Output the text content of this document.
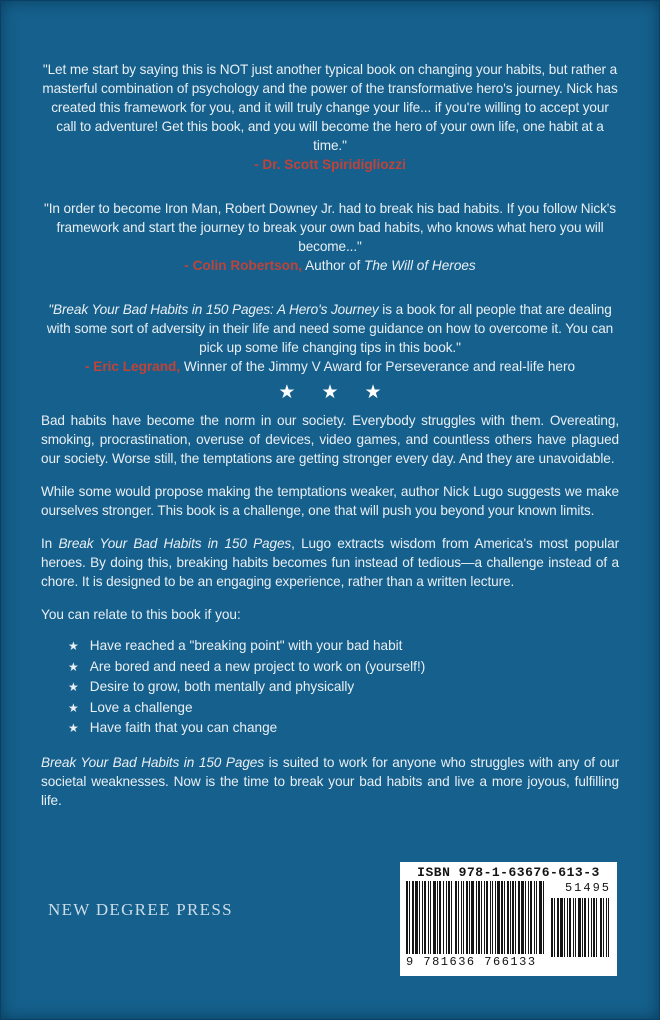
"Let me start by saying this is NOT just another typical book on changing your habits, but rather a masterful combination of psychology and the power of the transformative hero's journey. Nick has created this framework for you, and it will truly change your life... if you're willing to accept your call to adventure! Get this book, and you will become the hero of your own life, one habit at a time."

- Dr. Scott Spiridigliozzi

"In order to become Iron Man, Robert Downey Jr. had to break his bad habits. If you follow Nick's framework and start the journey to break your own bad habits, who knows what hero you will become..."

- Colin Robertson, Author of The Will of Heroes

"Break Your Bad Habits in 150 Pages: A Hero's Journey is a book for all people that are dealing with some sort of adversity in their life and need some guidance on how to overcome it. You can pick up some life changing tips in this book."

- Eric Legrand, Winner of the Jimmy V Award for Perseverance and real-life hero

★ ★ ★

Bad habits have become the norm in our society. Everybody struggles with them. Overeating, smoking, procrastination, overuse of devices, video games, and countless others have plagued our society. Worse still, the temptations are getting stronger every day. And they are unavoidable.

While some would propose making the temptations weaker, author Nick Lugo suggests we make ourselves stronger. This book is a challenge, one that will push you beyond your known limits.

In Break Your Bad Habits in 150 Pages, Lugo extracts wisdom from America's most popular heroes. By doing this, breaking habits becomes fun instead of tedious—a challenge instead of a chore. It is designed to be an engaging experience, rather than a written lecture.

You can relate to this book if you:

★ Have reached a "breaking point" with your bad habit
★ Are bored and need a new project to work on (yourself!)
★ Desire to grow, both mentally and physically
★ Love a challenge
★ Have faith that you can change

Break Your Bad Habits in 150 Pages is suited to work for anyone who struggles with any of our societal weaknesses. Now is the time to break your bad habits and live a more joyous, fulfilling life.

NEW DEGREE PRESS
ISBN 978-1-63676-613-3
9 781636 766133
51495
